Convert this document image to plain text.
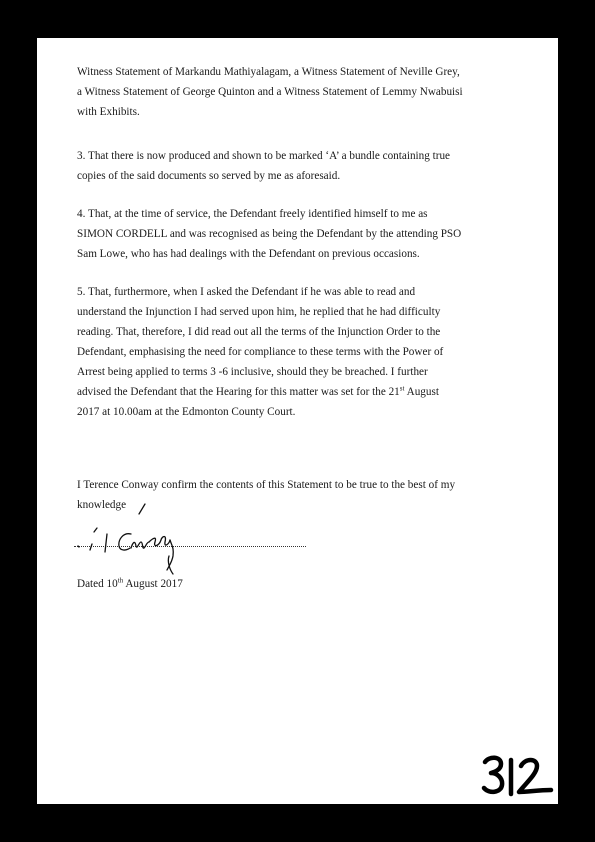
Witness Statement of Markandu Mathiyalagam, a Witness Statement of Neville Grey,
a Witness Statement of George Quinton and a Witness Statement of Lemmy Nwabuisi
with Exhibits.
3. That there is now produced and shown to be marked ‘A’ a bundle containing true
copies of the said documents so served by me as aforesaid.
4. That, at the time of service, the Defendant freely identified himself to me as
SIMON CORDELL and was recognised as being the Defendant by the attending PSO
Sam Lowe, who has had dealings with the Defendant on previous occasions.
5. That, furthermore, when I asked the Defendant if he was able to read and
understand the Injunction I had served upon him, he replied that he had difficulty
reading. That, therefore, I did read out all the terms of the Injunction Order to the
Defendant, emphasising the need for compliance to these terms with the Power of
Arrest being applied to terms 3 -6 inclusive, should they be breached. I further
advised the Defendant that the Hearing for this matter was set for the 21st August
2017 at 10.00am at the Edmonton County Court.
I Terence Conway confirm the contents of this Statement to be true to the best of my
knowledge
Dated 10th August 2017
